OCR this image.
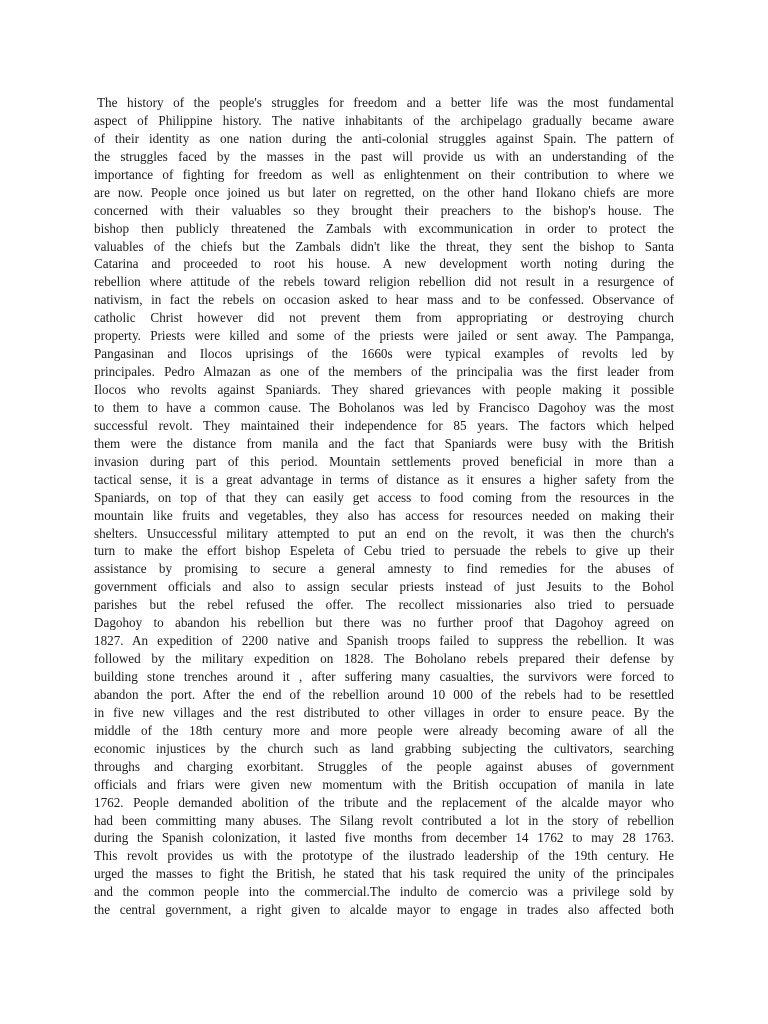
The history of the people's struggles for freedom and a better life was the most fundamental
aspect of Philippine history. The native inhabitants of the archipelago gradually became aware
of their identity as one nation during the anti-colonial struggles against Spain. The pattern of
the struggles faced by the masses in the past will provide us with an understanding of the
importance of fighting for freedom as well as enlightenment on their contribution to where we
are now. People once joined us but later on regretted, on the other hand Ilokano chiefs are more
concerned with their valuables so they brought their preachers to the bishop's house. The
bishop then publicly threatened the Zambals with excommunication in order to protect the
valuables of the chiefs but the Zambals didn't like the threat, they sent the bishop to Santa
Catarina and proceeded to root his house. A new development worth noting during the
rebellion where attitude of the rebels toward religion rebellion did not result in a resurgence of
nativism, in fact the rebels on occasion asked to hear mass and to be confessed. Observance of
catholic Christ however did not prevent them from appropriating or destroying church
property. Priests were killed and some of the priests were jailed or sent away. The Pampanga,
Pangasinan and Ilocos uprisings of the 1660s were typical examples of revolts led by
principales. Pedro Almazan as one of the members of the principalia was the first leader from
Ilocos who revolts against Spaniards. They shared grievances with people making it possible
to them to have a common cause. The Boholanos was led by Francisco Dagohoy was the most
successful revolt. They maintained their independence for 85 years. The factors which helped
them were the distance from manila and the fact that Spaniards were busy with the British
invasion during part of this period. Mountain settlements proved beneficial in more than a
tactical sense, it is a great advantage in terms of distance as it ensures a higher safety from the
Spaniards, on top of that they can easily get access to food coming from the resources in the
mountain like fruits and vegetables, they also has access for resources needed on making their
shelters. Unsuccessful military attempted to put an end on the revolt, it was then the church's
turn to make the effort bishop Espeleta of Cebu tried to persuade the rebels to give up their
assistance by promising to secure a general amnesty to find remedies for the abuses of
government officials and also to assign secular priests instead of just Jesuits to the Bohol
parishes but the rebel refused the offer. The recollect missionaries also tried to persuade
Dagohoy to abandon his rebellion but there was no further proof that Dagohoy agreed on
1827. An expedition of 2200 native and Spanish troops failed to suppress the rebellion. It was
followed by the military expedition on 1828. The Boholano rebels prepared their defense by
building stone trenches around it , after suffering many casualties, the survivors were forced to
abandon the port. After the end of the rebellion around 10 000 of the rebels had to be resettled
in five new villages and the rest distributed to other villages in order to ensure peace. By the
middle of the 18th century more and more people were already becoming aware of all the
economic injustices by the church such as land grabbing subjecting the cultivators, searching
throughs and charging exorbitant. Struggles of the people against abuses of government
officials and friars were given new momentum with the British occupation of manila in late
1762. People demanded abolition of the tribute and the replacement of the alcalde mayor who
had been committing many abuses. The Silang revolt contributed a lot in the story of rebellion
during the Spanish colonization, it lasted five months from december 14 1762 to may 28 1763.
This revolt provides us with the prototype of the ilustrado leadership of the 19th century. He
urged the masses to fight the British, he stated that his task required the unity of the principales
and the common people into the commercial.The indulto de comercio was a privilege sold by
the central government, a right given to alcalde mayor to engage in trades also affected both
